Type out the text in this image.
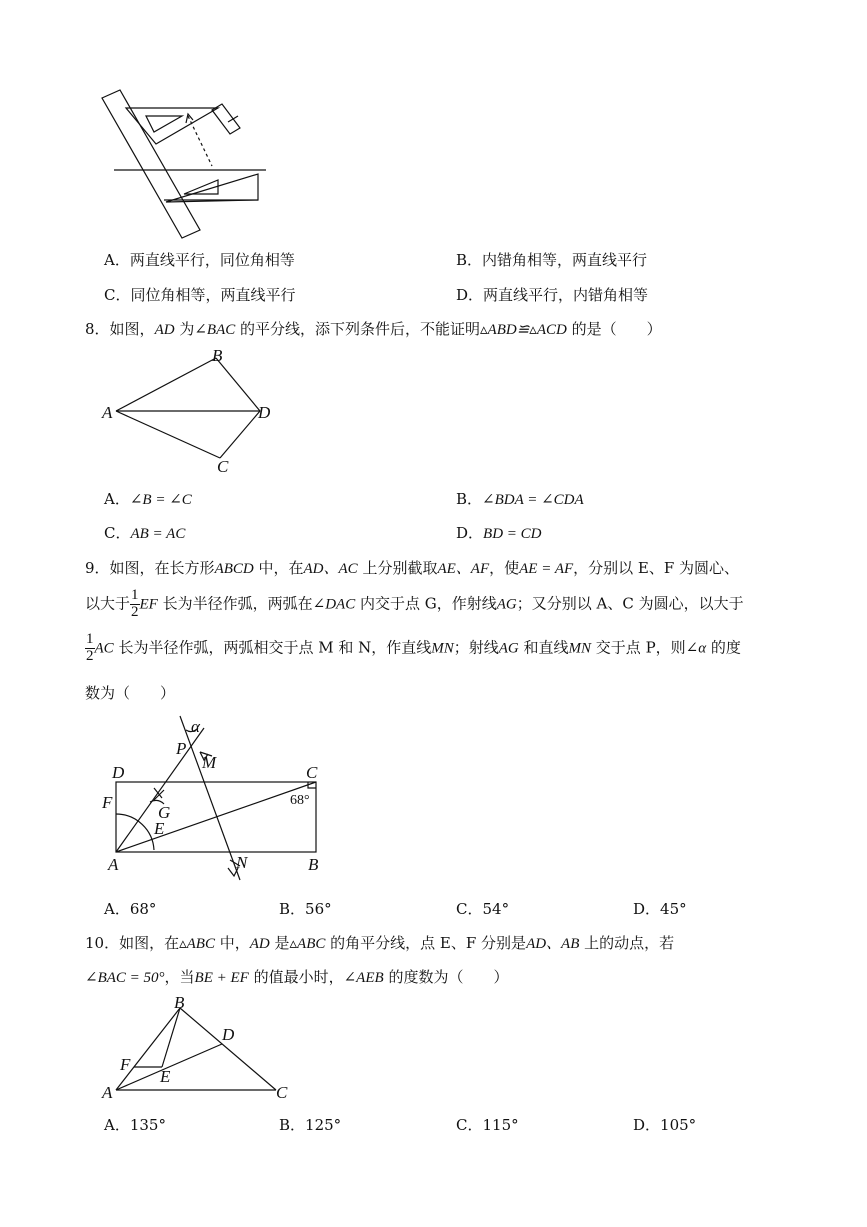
A．两直线平行，同位角相等	B．内错角相等，两直线平行
C．同位角相等，两直线平行	D．两直线平行，内错角相等
8．如图，AD 为∠BAC 的平分线，添下列条件后，不能证明▵ABD≌▵ACD 的是（　　）
A
B
C
D
A．∠B = ∠C	B．∠BDA = ∠CDA
C．AB = AC	D．BD = CD
9．如图，在长方形ABCD 中，在AD、AC 上分别截取AE、AF，使AE = AF，分别以 E、F 为圆心、
以大于 $\frac{1}{2}$ EF 长为半径作弧，两弧在∠DAC 内交于点 G，作射线AG；又分别以 A、C 为圆心，以大于
$\frac{1}{2}$ AC 长为半径作弧，两弧相交于点 M 和 N，作直线MN；射线AG 和直线MN 交于点 P，则∠α 的度
数为（　　）
α
P
M
D	C
F
G
E
A	N	B
68°
A．68°	B．56°	C．54°	D．45°
10．如图，在▵ABC 中，AD 是▵ABC 的角平分线，点 E、F 分别是AD、AB 上的动点，若
∠BAC = 50°，当BE + EF 的值最小时，∠AEB 的度数为（　　）
B
D
F
E
A	C
A．135°	B．125°	C．115°	D．105°
